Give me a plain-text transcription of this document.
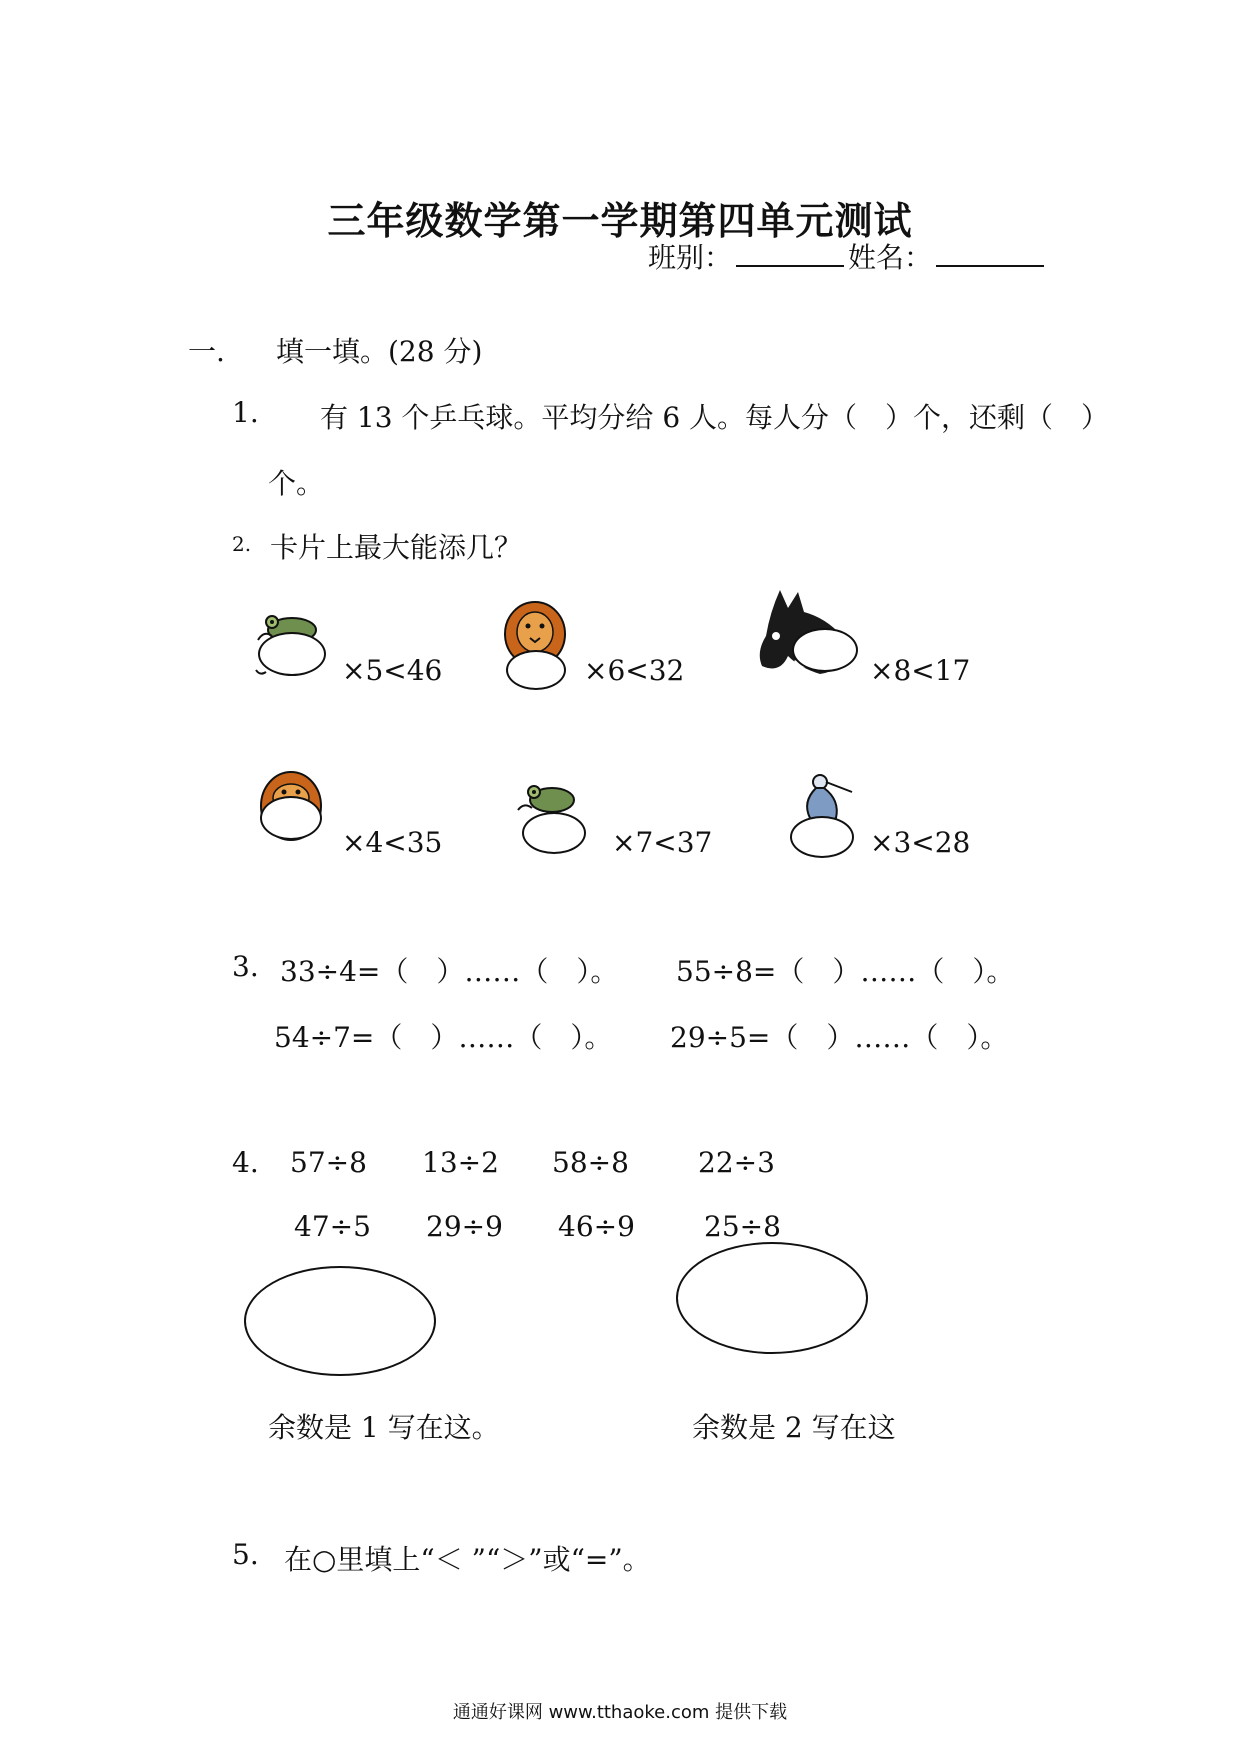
三年级数学第一学期第四单元测试
班别：	姓名：
一. 填一填。(28 分)
1. 有 13 个乒乓球。平均分给 6 人。每人分（　）个，还剩（　）
个。
2. 卡片上最大能添几？
×5<46	×6<32	×8<17
×4<35	×7<37	×3<28
3. 33÷4=（　）……（　）。 55÷8=（　）……（　）。
54÷7=（　）……（　）。 29÷5=（　）……（　）。
4. 57÷8 13÷2 58÷8 22÷3
47÷5 29÷9 46÷9 25÷8
余数是 1 写在这。	余数是 2 写在这
5. 在○里填上“＜ ”“＞”或“=”。
通通好课网 www.tthaoke.com 提供下载
